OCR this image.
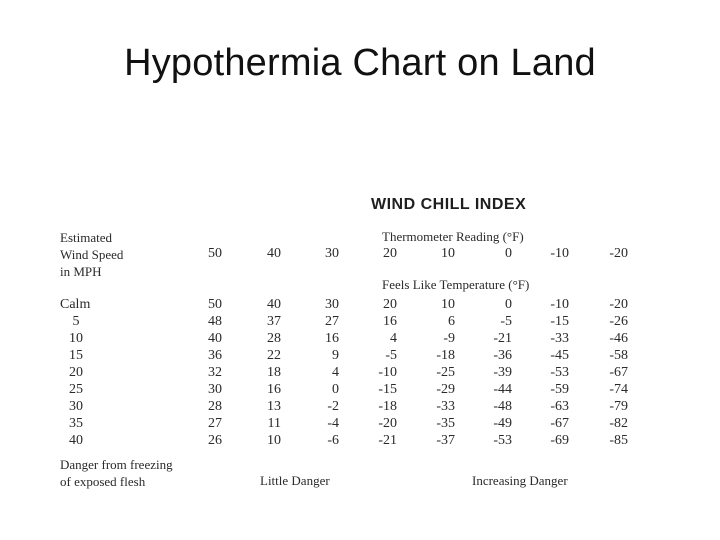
Hypothermia Chart on Land
WIND CHILL INDEX
Estimated
Wind Speed
in MPH
Thermometer Reading (°F)
50	40	30	20	10	0	-10	-20
Feels Like Temperature (°F)
Calm	50	40	30	20	10	0	-10	-20
5	48	37	27	16	6	-5	-15	-26
10	40	28	16	4	-9	-21	-33	-46
15	36	22	9	-5	-18	-36	-45	-58
20	32	18	4	-10	-25	-39	-53	-67
25	30	16	0	-15	-29	-44	-59	-74
30	28	13	-2	-18	-33	-48	-63	-79
35	27	11	-4	-20	-35	-49	-67	-82
40	26	10	-6	-21	-37	-53	-69	-85
Danger from freezing
of exposed flesh	Little Danger	Increasing Danger
